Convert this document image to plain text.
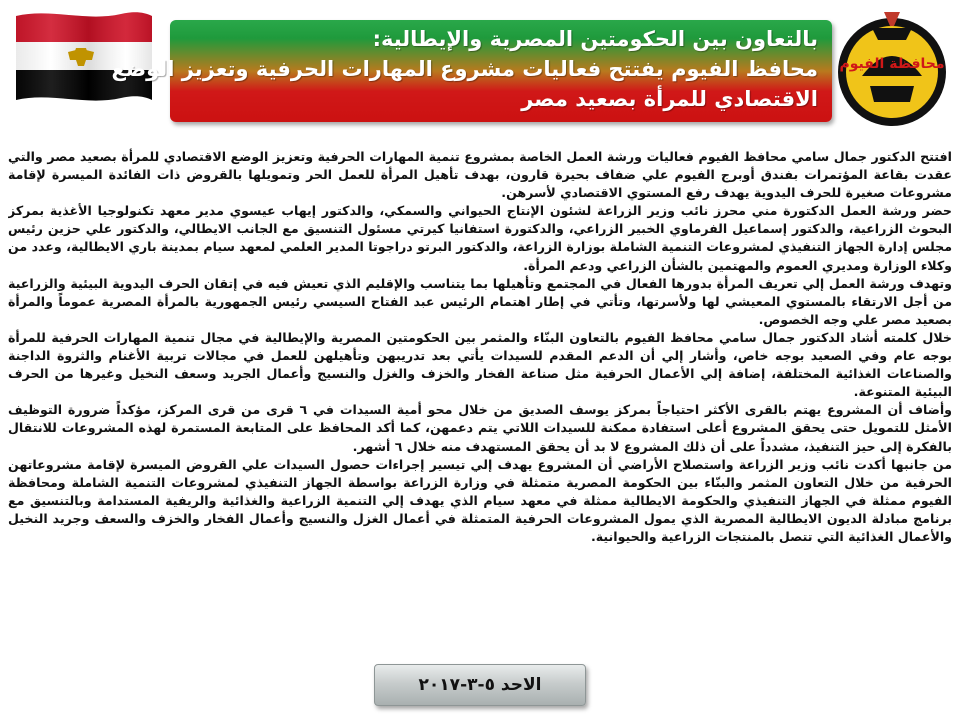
محافظة الفيوم
بالتعاون بين الحكومتين المصرية والإيطالية:
محافظ الفيوم يفتتح فعاليات مشروع المهارات الحرفية وتعزيز الوضع
الاقتصادي للمرأة بصعيد مصر

افتتح الدكتور جمال سامي محافظ الفيوم فعاليات ورشة العمل الخاصة بمشروع تنمية المهارات الحرفية وتعزيز الوضع الاقتصادي للمرأة بصعيد مصر والتي عقدت بقاعة المؤتمرات بفندق أوبرج الفيوم علي ضفاف بحيرة قارون، بهدف تأهيل المرأة للعمل الحر وتمويلها بالقروض ذات الفائدة الميسرة لإقامة مشروعات صغيرة للحرف اليدوية يهدف رفع المستوي الاقتصادي لأسرهن.

حضر ورشة العمل الدكتورة مني محرز نائب وزير الزراعة لشئون الإنتاج الحيواني والسمكي، والدكتور إيهاب عيسوي مدير معهد تكنولوجيا الأغذية بمركز البحوث الزراعية، والدكتور إسماعيل الفرماوي الخبير الزراعي، والدكتورة استفانيا كيرتي مسئول التنسيق مع الجانب الايطالي، والدكتور علي حزين رئيس مجلس إدارة الجهاز التنفيذي لمشروعات التنمية الشاملة بوزارة الزراعة، والدكتور البرتو دراجوتا المدير العلمي لمعهد سيام بمدينة باري الايطالية، وعدد من وكلاء الوزارة ومديري العموم والمهتمين بالشأن الزراعي ودعم المرأة.

وتهدف ورشة العمل إلي تعريف المرأة بدورها الفعال في المجتمع وتأهيلها بما يتناسب والإقليم الذي تعيش فيه في إتقان الحرف اليدوية البيئية والزراعية من أجل الارتقاء بالمستوي المعيشي لها ولأسرتها، وتأتي في إطار اهتمام الرئيس عبد الفتاح السيسي رئيس الجمهورية بالمرأة المصرية عموماً والمرأة بصعيد مصر علي وجه الخصوص.

خلال كلمته أشاد الدكتور جمال سامي محافظ الفيوم بالتعاون البنّاء والمثمر بين الحكومتين المصرية والإيطالية في مجال تنمية المهارات الحرفية للمرأة بوجه عام وفي الصعيد بوجه خاص، وأشار إلي أن الدعم المقدم للسيدات يأتي بعد تدريبهن وتأهيلهن للعمل في مجالات تربية الأغنام والثروة الداجنة والصناعات الغذائية المختلفة، إضافة إلي الأعمال الحرفية مثل صناعة الفخار والخزف والغزل والنسيج وأعمال الجريد وسعف النخيل وغيرها من الحرف البيئية المتنوعة.

وأضاف أن المشروع يهتم بالقرى الأكثر احتياجاً بمركز يوسف الصديق من خلال محو أمية السيدات في ٦ قرى من قرى المركز، مؤكداً ضرورة التوظيف الأمثل للتمويل حتى يحقق المشروع أعلى استفادة ممكنة للسيدات اللاتي يتم دعمهن، كما أكد المحافظ على المتابعة المستمرة لهذه المشروعات للانتقال بالفكرة إلى حيز التنفيذ، مشدداً على أن ذلك المشروع لا بد أن يحقق المستهدف منه خلال ٦ أشهر.

من جانبها أكدت نائب وزير الزراعة واستصلاح الأراضي أن المشروع يهدف إلي تيسير إجراءات حصول السيدات علي القروض الميسرة لإقامة مشروعاتهن الحرفية من خلال التعاون المثمر والبنّاء بين الحكومة المصرية متمثلة في وزارة الزراعة بواسطة الجهاز التنفيذي لمشروعات التنمية الشاملة ومحافظة الفيوم ممثلة في الجهاز التنفيذي والحكومة الايطالية ممثلة في معهد سيام الذي يهدف إلي التنمية الزراعية والغذائية والريفية المستدامة وبالتنسيق مع برنامج مبادلة الديون الايطالية المصرية الذي يمول المشروعات الحرفية المتمثلة في أعمال الغزل والنسيج وأعمال الفخار والخزف والسعف وجريد النخيل والأعمال الغذائية التي تتصل بالمنتجات الزراعية والحيوانية.

الاحد ٥-٣-٢٠١٧
